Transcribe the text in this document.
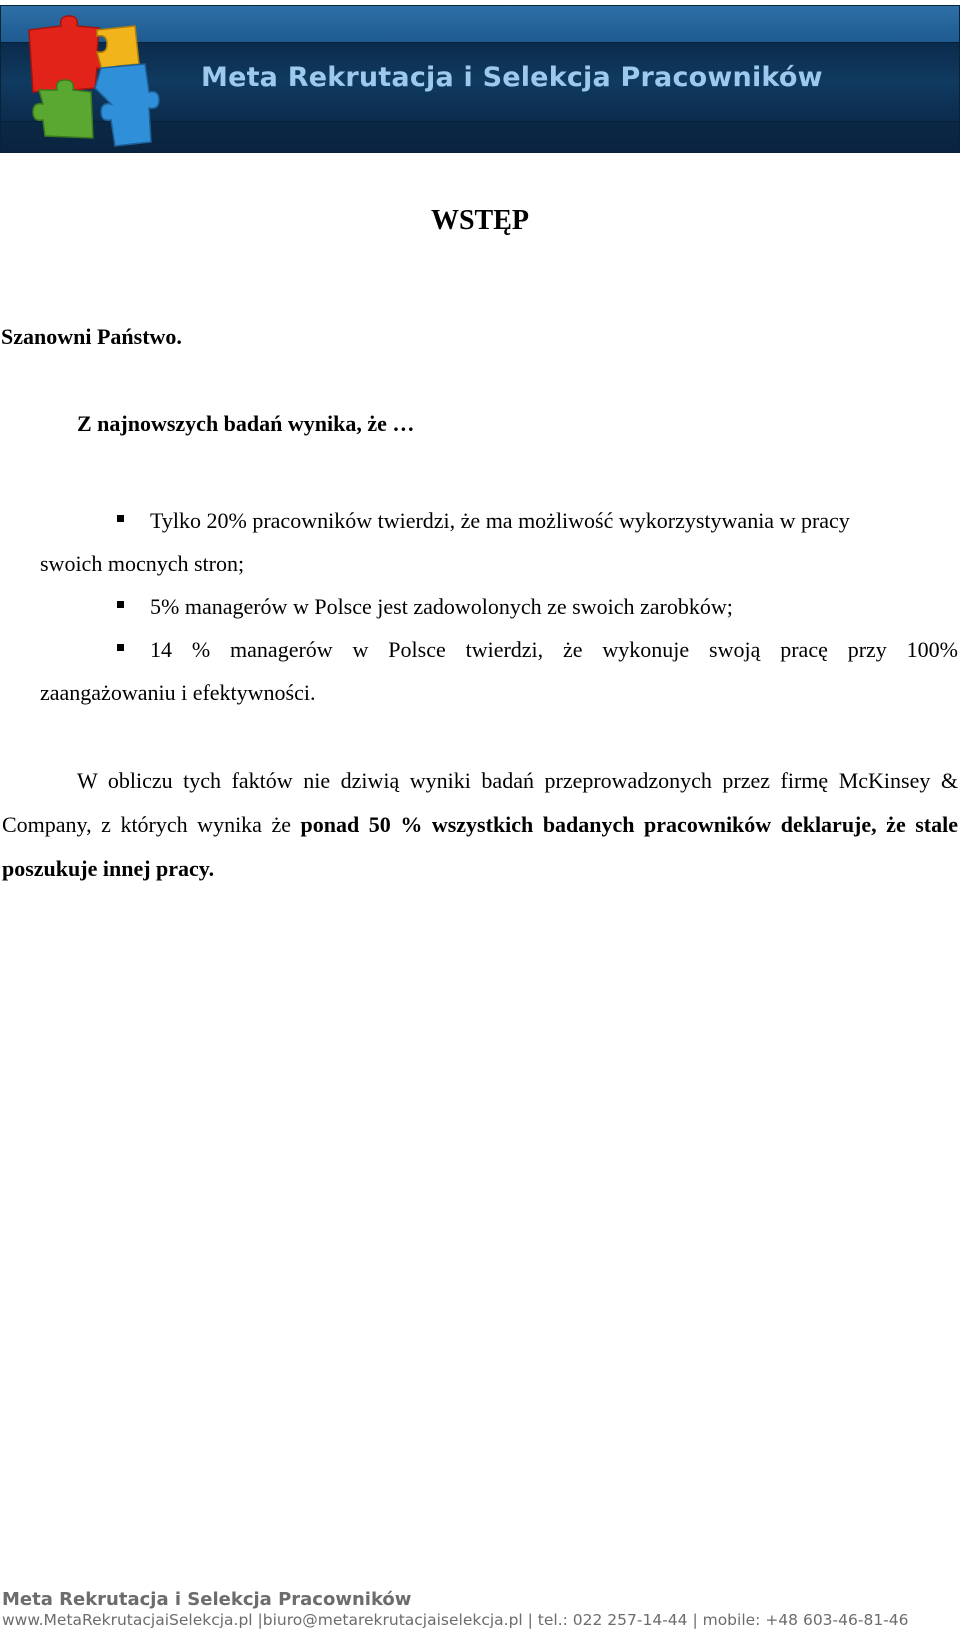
Meta Rekrutacja i Selekcja Pracowników
WSTĘP

Szanowni Państwo.

Z najnowszych badań wynika, że …

Tylko 20% pracowników twierdzi, że ma możliwość wykorzystywania w pracy
swoich mocnych stron;
5% managerów w Polsce jest zadowolonych ze swoich zarobków;
14 % managerów w Polsce twierdzi, że wykonuje swoją pracę przy 100%
zaangażowaniu i efektywności.

W obliczu tych faktów nie dziwią wyniki badań przeprowadzonych przez firmę McKinsey & Company, z których wynika że ponad 50 % wszystkich badanych pracowników deklaruje, że stale poszukuje innej pracy.

Meta Rekrutacja i Selekcja Pracowników
www.MetaRekrutacjaiSelekcja.pl |biuro@metarekrutacjaiselekcja.pl | tel.: 022 257-14-44 | mobile: +48 603-46-81-46
